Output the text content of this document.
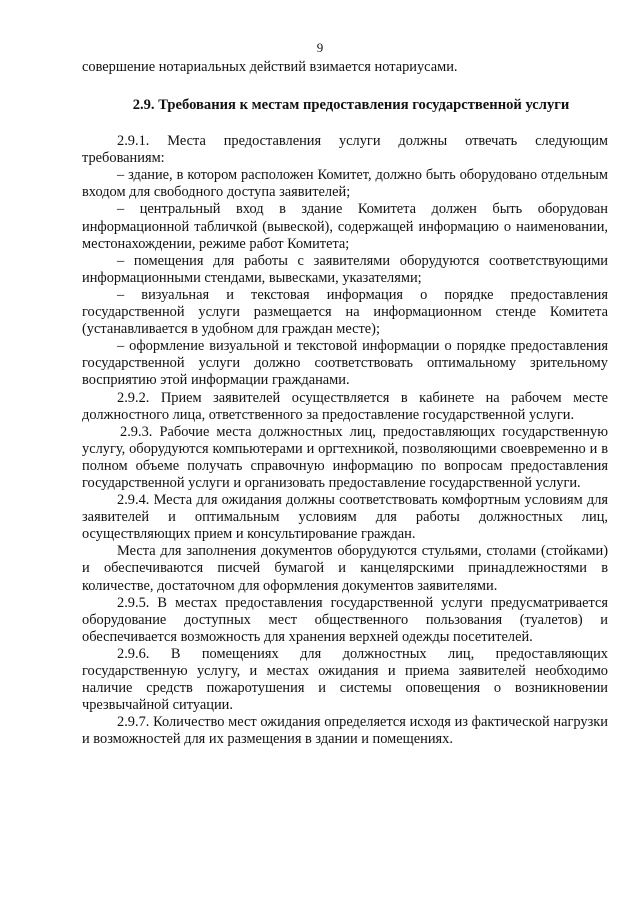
9

совершение нотариальных действий взимается нотариусами.

2.9. Требования к местам предоставления государственной услуги

2.9.1. Места предоставления услуги должны отвечать следующим требованиям:

– здание, в котором расположен Комитет, должно быть оборудовано отдельным входом для свободного доступа заявителей;

– центральный вход в здание Комитета должен быть оборудован информационной табличкой (вывеской), содержащей информацию о наименовании, местонахождении, режиме работ Комитета;

– помещения для работы с заявителями оборудуются соответствующими информационными стендами, вывесками, указателями;

– визуальная и текстовая информация о порядке предоставления государственной услуги размещается на информационном стенде Комитета (устанавливается в удобном для граждан месте);

– оформление визуальной и текстовой информации о порядке предоставления государственной услуги должно соответствовать оптимальному зрительному восприятию этой информации гражданами.

2.9.2. Прием заявителей осуществляется в кабинете на рабочем месте должностного лица, ответственного за предоставление государственной услуги.

2.9.3. Рабочие места должностных лиц, предоставляющих государственную услугу, оборудуются компьютерами и оргтехникой, позволяющими своевременно и в полном объеме получать справочную информацию по вопросам предоставления государственной услуги и организовать предоставление государственной услуги.

2.9.4. Места для ожидания должны соответствовать комфортным условиям для заявителей и оптимальным условиям для работы должностных лиц, осуществляющих прием и консультирование граждан.

Места для заполнения документов оборудуются стульями, столами (стойками) и обеспечиваются писчей бумагой и канцелярскими принадлежностями в количестве, достаточном для оформления документов заявителями.

2.9.5. В местах предоставления государственной услуги предусматривается оборудование доступных мест общественного пользования (туалетов) и обеспечивается возможность для хранения верхней одежды посетителей.

2.9.6. В помещениях для должностных лиц, предоставляющих государственную услугу, и местах ожидания и приема заявителей необходимо наличие средств пожаротушения и системы оповещения о возникновении чрезвычайной ситуации.

2.9.7. Количество мест ожидания определяется исходя из фактической нагрузки и возможностей для их размещения в здании и помещениях.
